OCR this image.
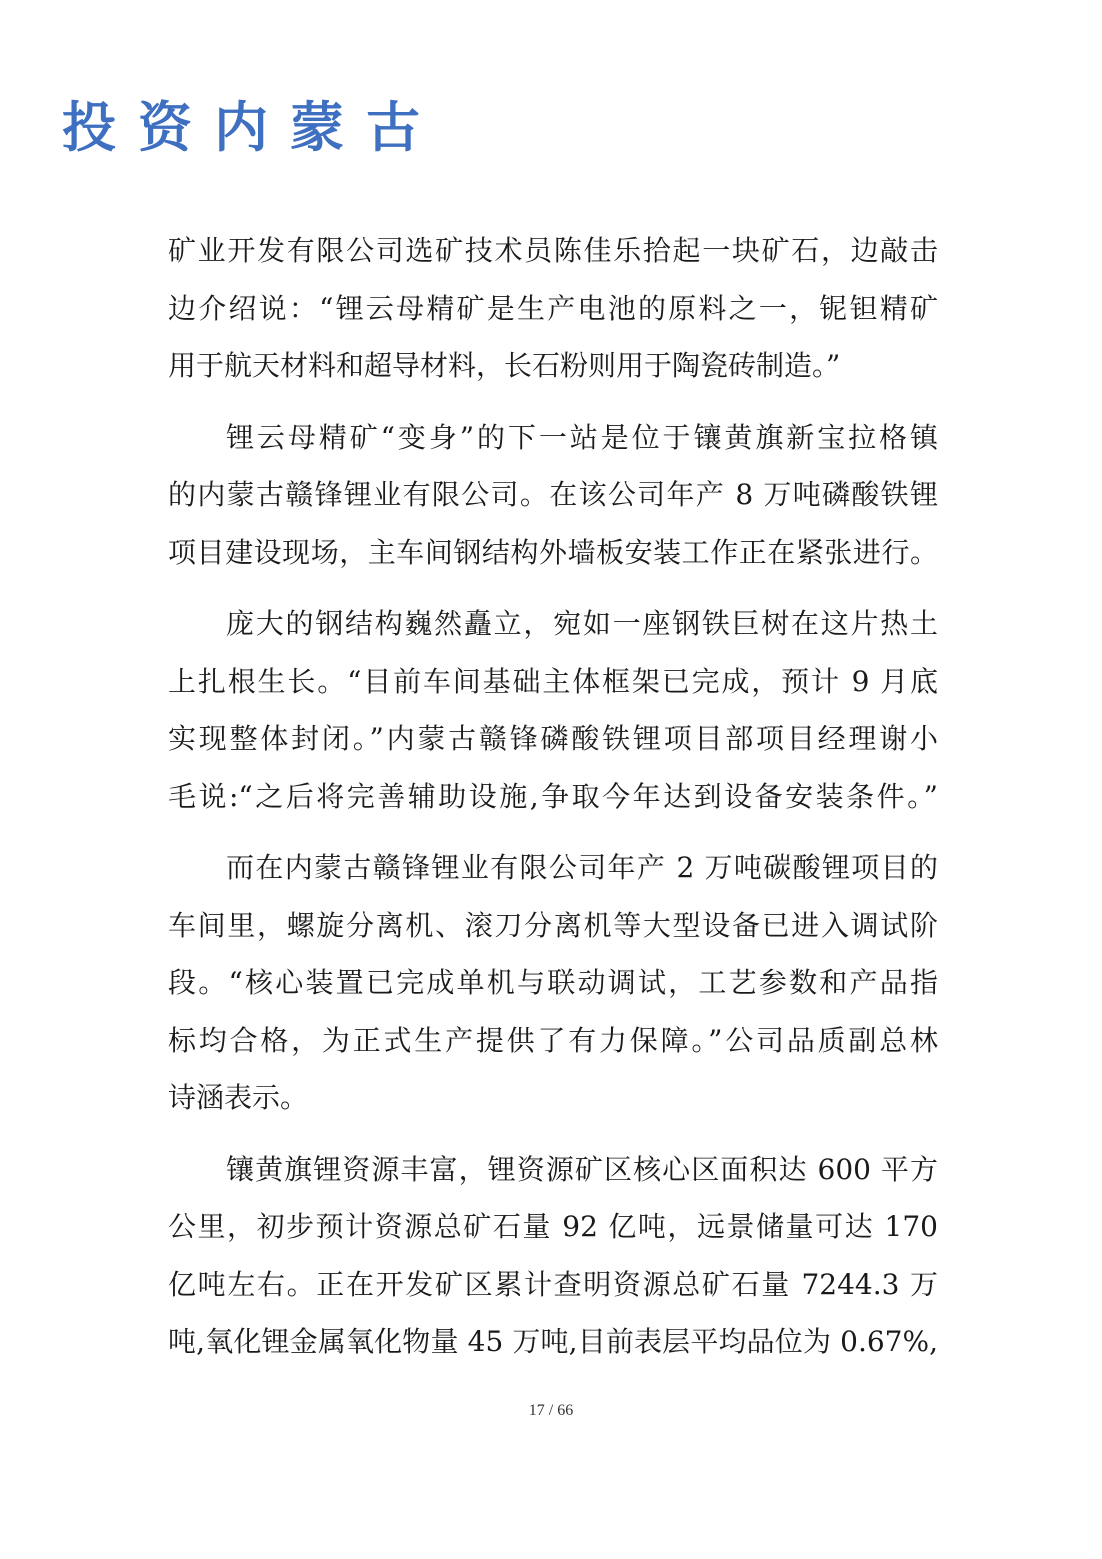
投资内蒙古

矿业开发有限公司选矿技术员陈佳乐拾起一块矿石，边敲击
边介绍说：“锂云母精矿是生产电池的原料之一，铌钽精矿
用于航天材料和超导材料，长石粉则用于陶瓷砖制造。”

锂云母精矿“变身”的下一站是位于镶黄旗新宝拉格镇
的内蒙古赣锋锂业有限公司。在该公司年产 8 万吨磷酸铁锂
项目建设现场，主车间钢结构外墙板安装工作正在紧张进行。

庞大的钢结构巍然矗立，宛如一座钢铁巨树在这片热土
上扎根生长。“目前车间基础主体框架已完成，预计 9 月底
实现整体封闭。”内蒙古赣锋磷酸铁锂项目部项目经理谢小
毛说:“之后将完善辅助设施,争取今年达到设备安装条件。”

而在内蒙古赣锋锂业有限公司年产 2 万吨碳酸锂项目的
车间里，螺旋分离机、滚刀分离机等大型设备已进入调试阶
段。“核心装置已完成单机与联动调试，工艺参数和产品指
标均合格，为正式生产提供了有力保障。”公司品质副总林
诗涵表示。

镶黄旗锂资源丰富，锂资源矿区核心区面积达 600 平方
公里，初步预计资源总矿石量 92 亿吨，远景储量可达 170
亿吨左右。正在开发矿区累计查明资源总矿石量 7244.3 万
吨,氧化锂金属氧化物量 45 万吨,目前表层平均品位为 0.67%,

17 / 66
